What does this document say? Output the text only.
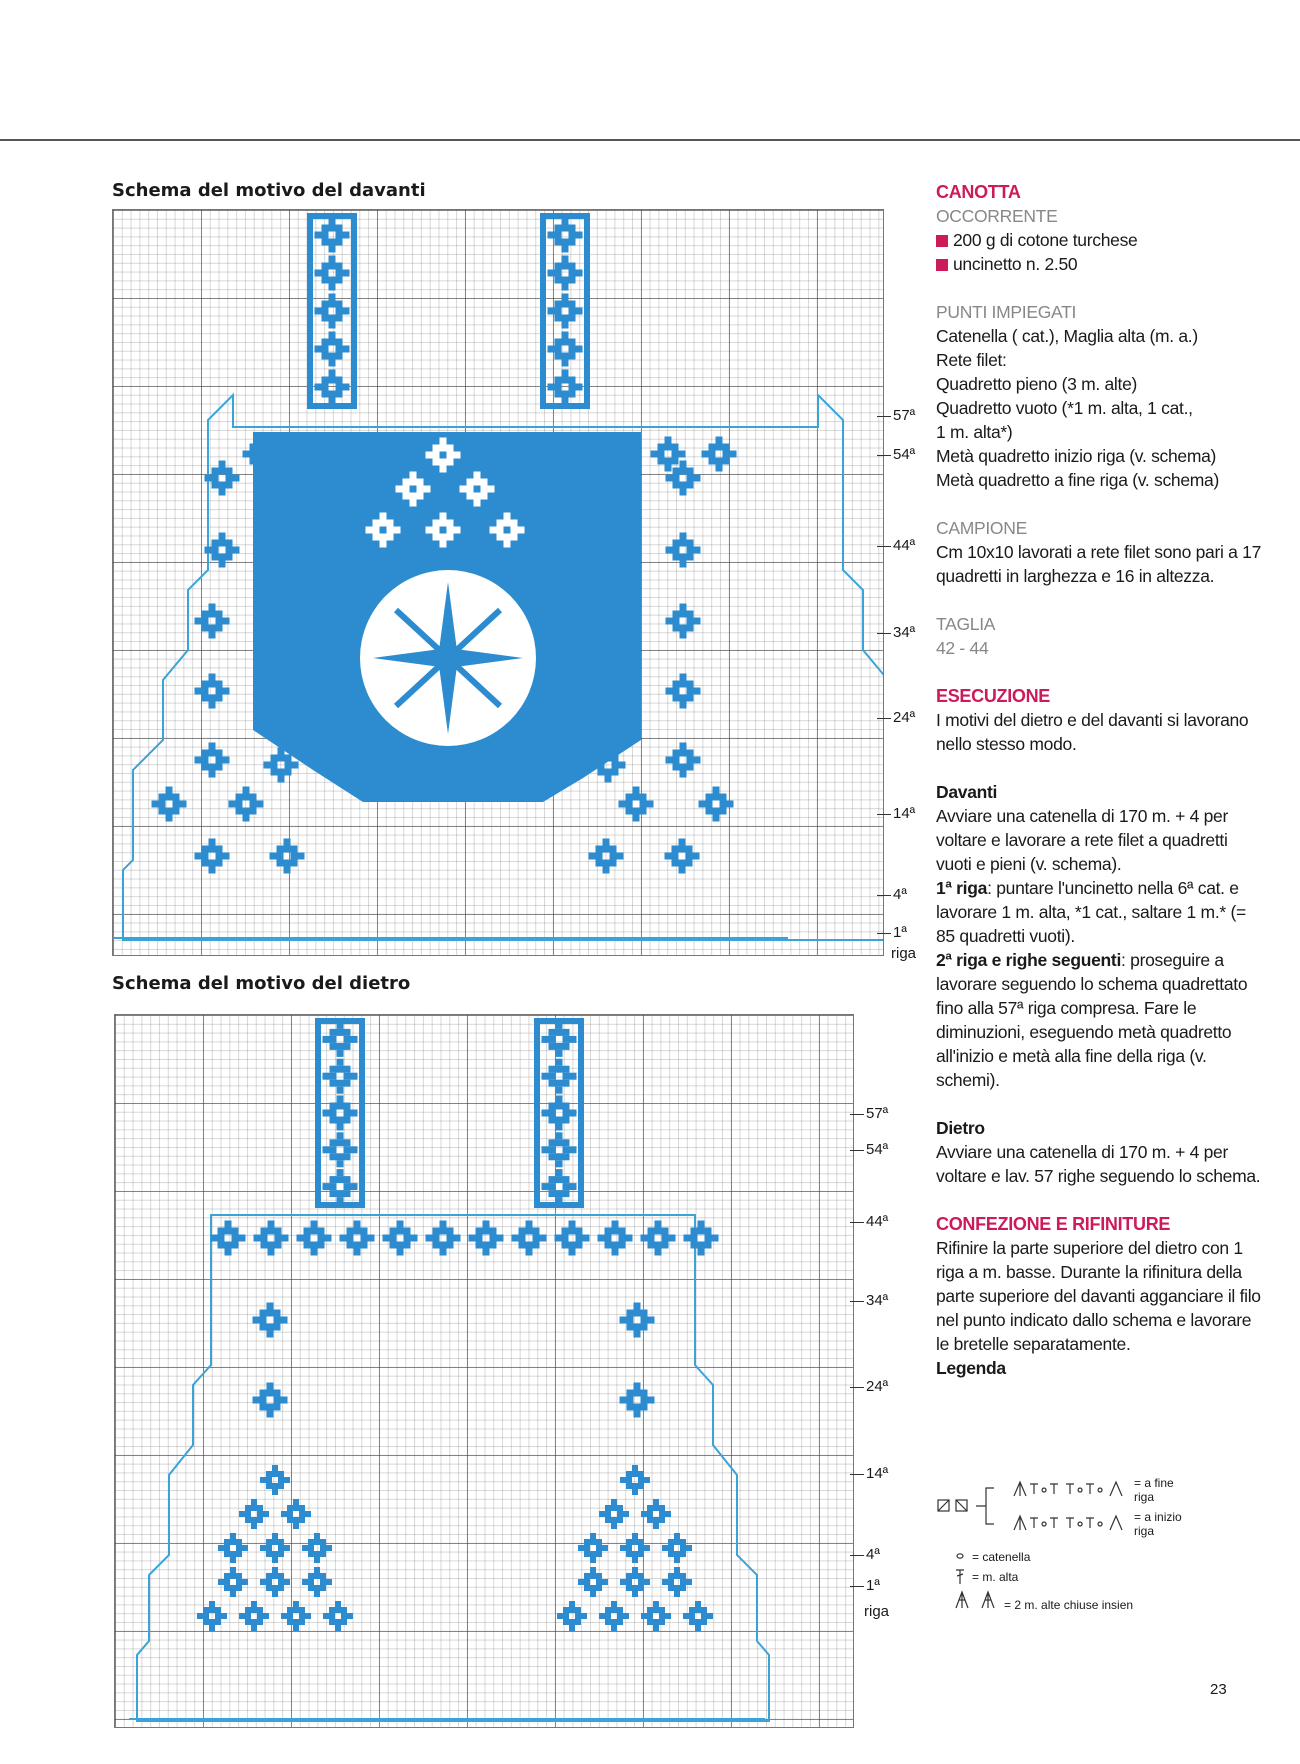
Schema del motivo del davanti
57ª
54ª
44ª
34ª
24ª
14ª
4ª
1ª
riga
Schema del motivo del dietro
57ª
54ª
44ª
34ª
24ª
14ª
4ª
1ª
riga

CANOTTA

OCCORRENTE

200 g di cotone turchese

uncinetto n. 2.50

PUNTI IMPIEGATI

Catenella ( cat.), Maglia alta (m. a.)

Rete filet:

Quadretto pieno (3 m. alte)

Quadretto vuoto (*1 m. alta, 1 cat.,

1 m. alta*)

Metà quadretto inizio riga (v. schema)

Metà quadretto a fine riga (v. schema)

CAMPIONE

Cm 10x10 lavorati a rete filet sono pari a 17 quadretti in larghezza e 16 in altezza.

TAGLIA

42 - 44

ESECUZIONE

I motivi del dietro e del davanti si lavorano nello stesso modo.

Davanti

Avviare una catenella di 170 m. + 4 per voltare e lavorare a rete filet a quadretti vuoti e pieni (v. schema).

1ª riga: puntare l'uncinetto nella 6ª cat. e lavorare 1 m. alta, *1 cat., saltare 1 m.* (= 85 quadretti vuoti).

2ª riga e righe seguenti: proseguire a lavorare seguendo lo schema quadrettato fino alla 57ª riga compresa. Fare le diminuzioni, eseguendo metà quadretto all'inizio e metà alla fine della riga (v. schemi).

Dietro

Avviare una catenella di 170 m. + 4 per voltare e lav. 57 righe seguendo lo schema.

CONFEZIONE E RIFINITURE

Rifinire la parte superiore del dietro con 1 riga a m. basse. Durante la rifinitura della parte superiore del davanti agganciare il filo nel punto indicato dallo schema e lavorare le bretelle separatamente.

Legenda

= a fine
riga
= a inizio
riga
= catenella
= m. alta
= 2 m. alte chiuse insien
23
